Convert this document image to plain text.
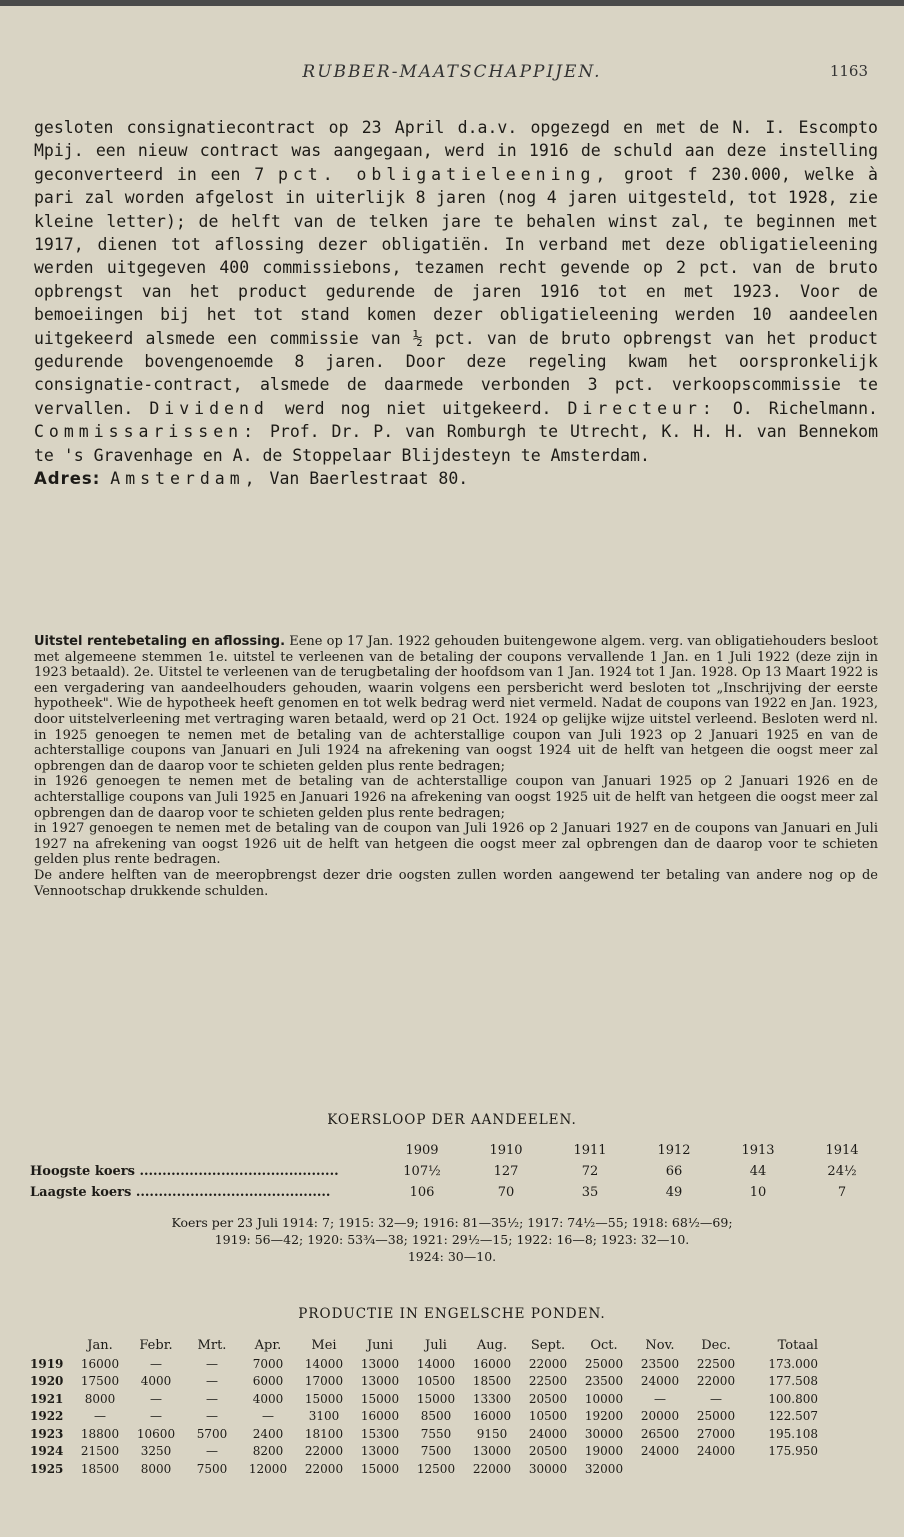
RUBBER-MAATSCHAPPIJEN.	1163

gesloten consignatiecontract op 23 April d.a.v. opgezegd en met de N. I. Escompto Mpij. een nieuw contract was aangegaan, werd in 1916 de schuld aan deze instelling geconverteerd in een 7 pct. obligatieleening, groot f 230.000, welke à pari zal worden afgelost in uiterlijk 8 jaren (nog 4 jaren uitgesteld, tot 1928, zie kleine letter); de helft van de telken jare te behalen winst zal, te beginnen met 1917, dienen tot aflossing dezer obligatiën. In verband met deze obligatieleening werden uitgegeven 400 commissiebons, tezamen recht gevende op 2 pct. van de bruto opbrengst van het product gedurende de jaren 1916 tot en met 1923. Voor de bemoeiingen bij het tot stand komen dezer obligatieleening werden 10 aandeelen uitgekeerd alsmede een commissie van ½ pct. van de bruto opbrengst van het product gedurende bovengenoemde 8 jaren. Door deze regeling kwam het oorspronkelijk consignatie-contract, alsmede de daarmede verbonden 3 pct. verkoopscommissie te vervallen. Dividend werd nog niet uitgekeerd. Directeur: O. Richelmann. Commissarissen: Prof. Dr. P. van Romburgh te Utrecht, K. H. H. van Bennekom te 's Gravenhage en A. de Stoppelaar Blijdesteyn te Amsterdam.

Adres: Amsterdam, Van Baerlestraat 80.

Uitstel rentebetaling en aflossing. Eene op 17 Jan. 1922 gehouden buitengewone algem. verg. van obligatiehouders besloot met algemeene stemmen 1e. uitstel te verleenen van de betaling der coupons vervallende 1 Jan. en 1 Juli 1922 (deze zijn in 1923 betaald). 2e. Uitstel te verleenen van de terugbetaling der hoofdsom van 1 Jan. 1924 tot 1 Jan. 1928. Op 13 Maart 1922 is een vergadering van aandeelhouders gehouden, waarin volgens een persbericht werd besloten tot „Inschrijving der eerste hypotheek". Wie de hypotheek heeft genomen en tot welk bedrag werd niet vermeld. Nadat de coupons van 1922 en Jan. 1923, door uitstelverleening met vertraging waren betaald, werd op 21 Oct. 1924 op gelijke wijze uitstel verleend. Besloten werd nl. in 1925 genoegen te nemen met de betaling van de achterstallige coupon van Juli 1923 op 2 Januari 1925 en van de achterstallige coupons van Januari en Juli 1924 na afrekening van oogst 1924 uit de helft van hetgeen die oogst meer zal opbrengen dan de daarop voor te schieten gelden plus rente bedragen;

in 1926 genoegen te nemen met de betaling van de achterstallige coupon van Januari 1925 op 2 Januari 1926 en de achterstallige coupons van Juli 1925 en Januari 1926 na afrekening van oogst 1925 uit de helft van hetgeen die oogst meer zal opbrengen dan de daarop voor te schieten gelden plus rente bedragen;

in 1927 genoegen te nemen met de betaling van de coupon van Juli 1926 op 2 Januari 1927 en de coupons van Januari en Juli 1927 na afrekening van oogst 1926 uit de helft van hetgeen die oogst meer zal opbrengen dan de daarop voor te schieten gelden plus rente bedragen.

De andere helften van de meeropbrengst dezer drie oogsten zullen worden aangewend ter betaling van andere nog op de Vennootschap drukkende schulden.

KOERSLOOP DER AANDEELEN.
	1909	1910	1911	1912	1913	1914
Hoogste koers ............................................	107½	127	72	66	44	24½
Laagste koers ...........................................	106	70	35	49	10	7
Koers per 23 Juli 1914: 7; 1915: 32—9; 1916: 81—35½; 1917: 74½—55; 1918: 68½—69;
1919: 56—42; 1920: 53¾—38; 1921: 29½—15; 1922: 16—8; 1923: 32—10.
1924: 30—10.
PRODUCTIE IN ENGELSCHE PONDEN.
	Jan.	Febr.	Mrt.	Apr.	Mei	Juni	Juli	Aug.	Sept.	Oct.	Nov.	Dec.	Totaal
1919	16000	—	—	7000	14000	13000	14000	16000	22000	25000	23500	22500	173.000
1920	17500	4000	—	6000	17000	13000	10500	18500	22500	23500	24000	22000	177.508
1921	8000	—	—	4000	15000	15000	15000	13300	20500	10000	—	—	100.800
1922	—	—	—	—	3100	16000	8500	16000	10500	19200	20000	25000	122.507
1923	18800	10600	5700	2400	18100	15300	7550	9150	24000	30000	26500	27000	195.108
1924	21500	3250	—	8200	22000	13000	7500	13000	20500	19000	24000	24000	175.950
1925	18500	8000	7500	12000	22000	15000	12500	22000	30000	32000			
